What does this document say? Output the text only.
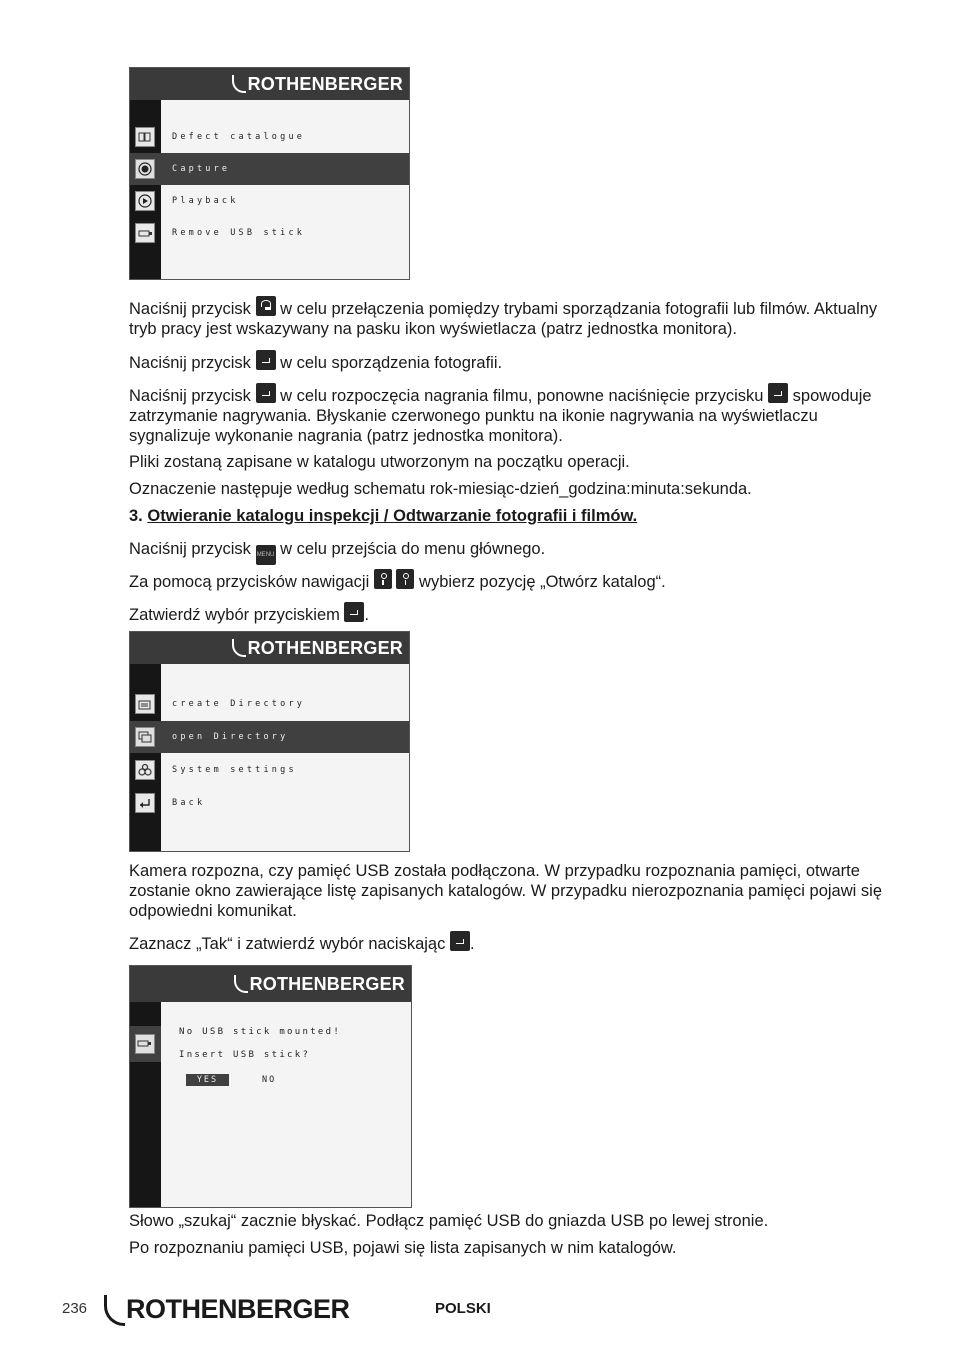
ROTHENBERGER
Defect catalogue
Capture
Playback
Remove USB stick
Naciśnij przycisk w celu przełączenia pomiędzy trybami sporządzania fotografii lub filmów. Aktualny tryb pracy jest wskazywany na pasku ikon wyświetlacza (patrz jednostka monitora).
Naciśnij przycisk w celu sporządzenia fotografii.
Naciśnij przycisk w celu rozpoczęcia nagrania filmu, ponowne naciśnięcie przycisku spowoduje zatrzymanie nagrywania. Błyskanie czerwonego punktu na ikonie nagrywania na wyświetlaczu sygnalizuje wykonanie nagrania (patrz jednostka monitora).
Pliki zostaną zapisane w katalogu utworzonym na początku operacji.
Oznaczenie następuje według schematu rok-miesiąc-dzień_godzina:minuta:sekunda.
3. Otwieranie katalogu inspekcji / Odtwarzanie fotografii i filmów.
Naciśnij przycisk MENU w celu przejścia do menu głównego.
Za pomocą przycisków nawigacji	wybierz pozycję „Otwórz katalog“.
Zatwierdź wybór przyciskiem .
ROTHENBERGER
create Directory
open Directory
System settings
Back
Kamera rozpozna, czy pamięć USB została podłączona. W przypadku rozpoznania pamięci, otwarte zostanie okno zawierające listę zapisanych katalogów. W przypadku nierozpoznania pamięci pojawi się odpowiedni komunikat.
Zaznacz „Tak“ i zatwierdź wybór naciskając .
ROTHENBERGER
No USB stick mounted!
Insert USB stick?
YES	NO
Słowo „szukaj“ zacznie błyskać. Podłącz pamięć USB do gniazda USB po lewej stronie.
Po rozpoznaniu pamięci USB, pojawi się lista zapisanych w nim katalogów.
236	ROTHENBERGER	POLSKI
